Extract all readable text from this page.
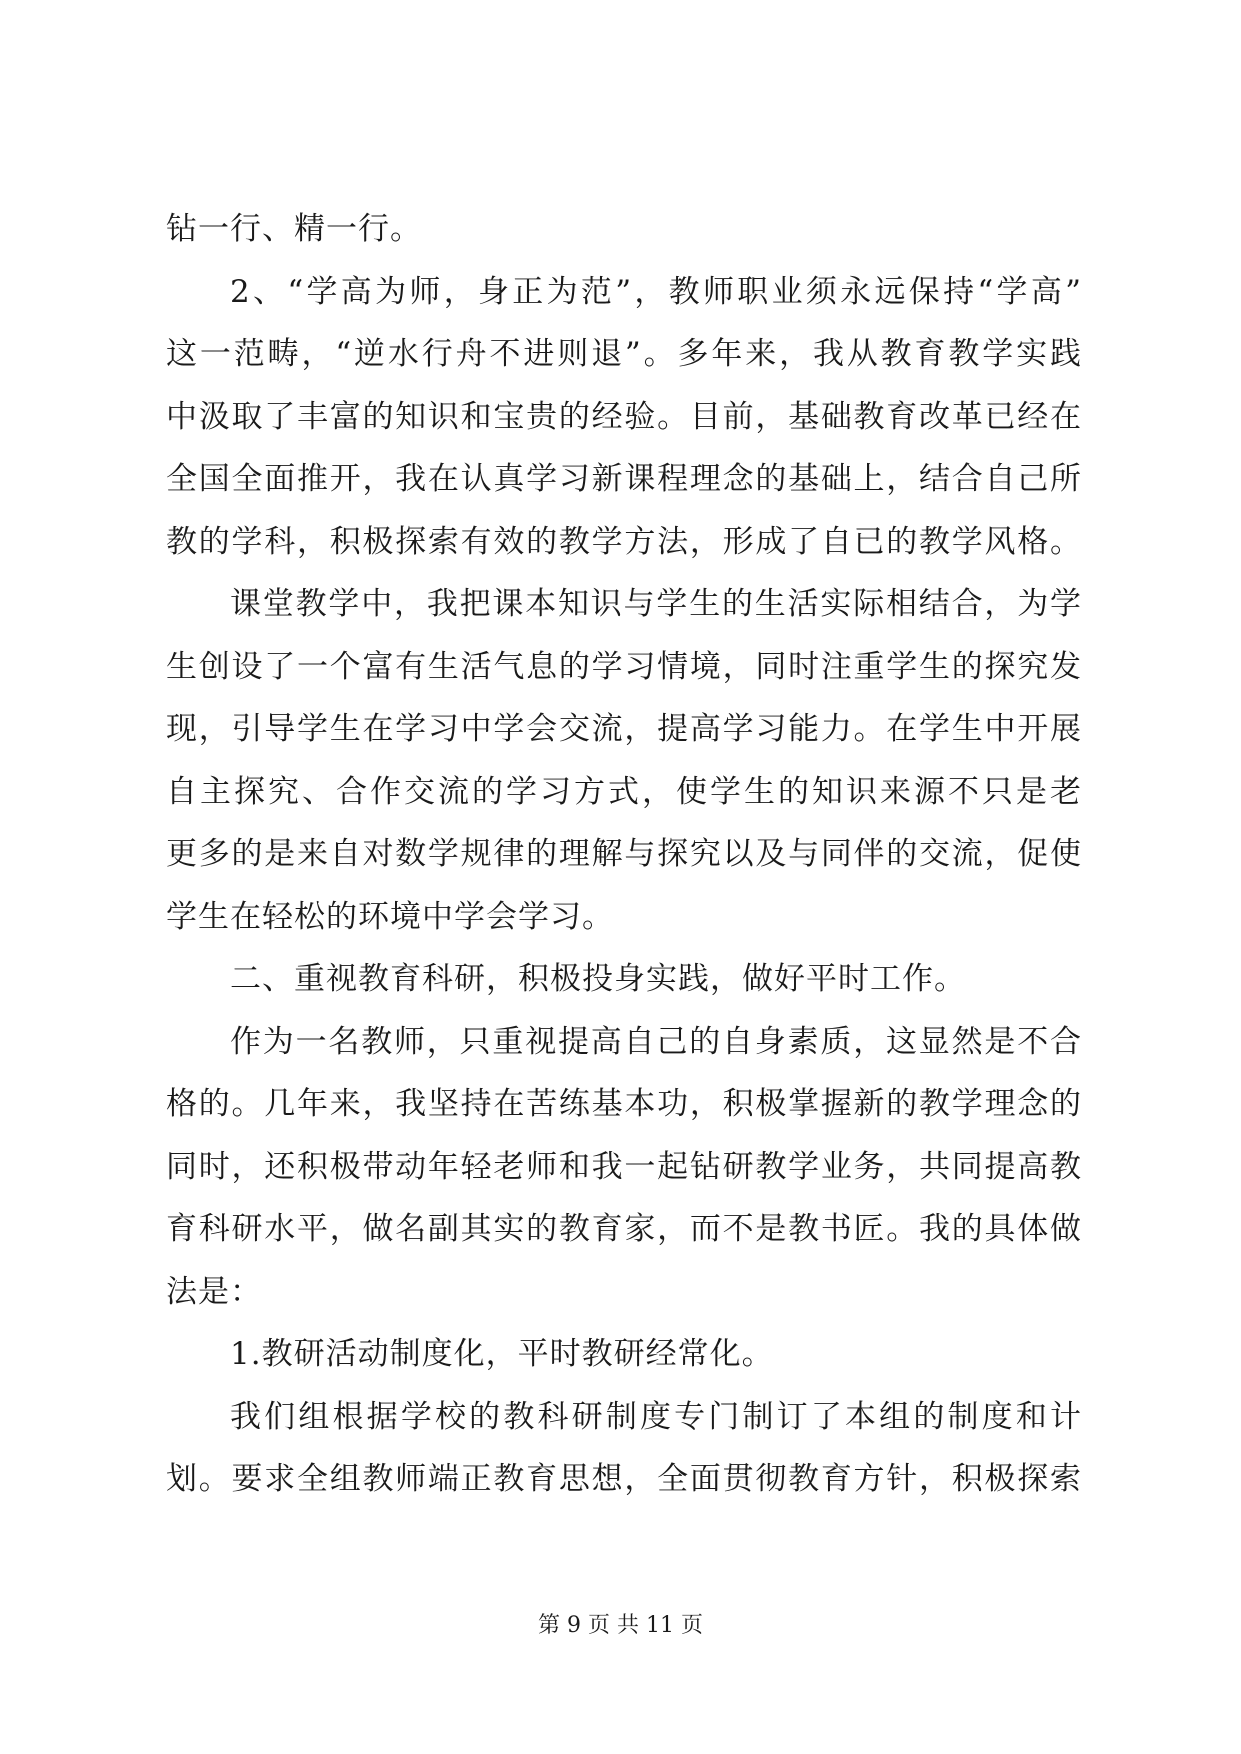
钻一行、精一行。
2、“学高为师，身正为范”，教师职业须永远保持“学高”
这一范畴，“逆水行舟不进则退”。多年来，我从教育教学实践
中汲取了丰富的知识和宝贵的经验。目前，基础教育改革已经在
全国全面推开，我在认真学习新课程理念的基础上，结合自己所
教的学科，积极探索有效的教学方法，形成了自已的教学风格。
课堂教学中，我把课本知识与学生的生活实际相结合，为学
生创设了一个富有生活气息的学习情境，同时注重学生的探究发
现，引导学生在学习中学会交流，提高学习能力。在学生中开展
自主探究、合作交流的学习方式，使学生的知识来源不只是老
更多的是来自对数学规律的理解与探究以及与同伴的交流，促使
学生在轻松的环境中学会学习。
二、重视教育科研，积极投身实践，做好平时工作。
作为一名教师，只重视提高自己的自身素质，这显然是不合
格的。几年来，我坚持在苦练基本功，积极掌握新的教学理念的
同时，还积极带动年轻老师和我一起钻研教学业务，共同提高教
育科研水平，做名副其实的教育家，而不是教书匠。我的具体做
法是：
1.教研活动制度化，平时教研经常化。
我们组根据学校的教科研制度专门制订了本组的制度和计
划。要求全组教师端正教育思想，全面贯彻教育方针，积极探索
第 9 页 共 11 页
